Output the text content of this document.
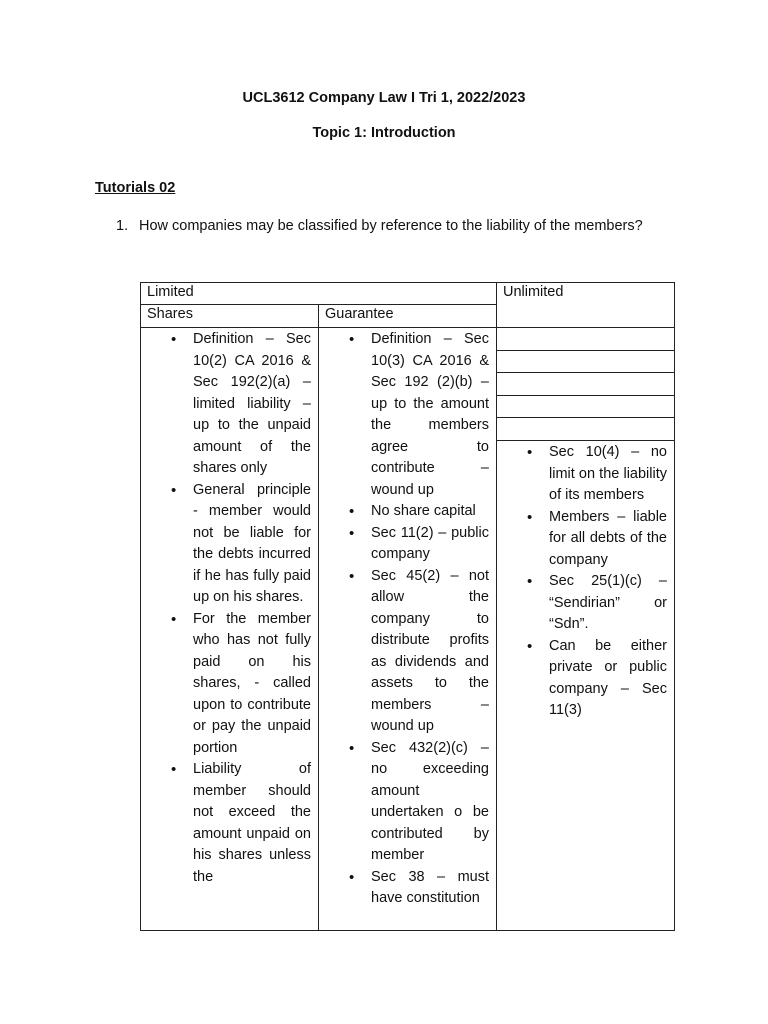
UCL3612 Company Law I Tri 1, 2022/2023

Topic 1: Introduction

Tutorials 02
1. How companies may be classified by reference to the liability of the members?
Limited	Unlimited
Shares	Guarantee
• Definition – Sec 10(2) CA 2016 & Sec 192(2)(a) – limited liability – up to the unpaid amount of the shares only
• General principle - member would not be liable for the debts incurred if he has fully paid up on his shares.
• For the member who has not fully paid on his shares, - called upon to contribute or pay the unpaid portion
• Liability of member should not exceed the amount unpaid on his shares unless the
• Definition – Sec 10(3) CA 2016 & Sec 192 (2)(b) – up to the amount the members agree to contribute – wound up
• No share capital
• Sec 11(2) – public company
• Sec 45(2) – not allow the company to distribute profits as dividends and assets to the members – wound up
• Sec 432(2)(c) – no exceeding amount undertaken o be contributed by member
• Sec 38 – must have constitution
• Sec 10(4) – no limit on the liability of its members
• Members – liable for all debts of the company
• Sec 25(1)(c) – “Sendirian” or “Sdn”.
• Can be either private or public company – Sec 11(3)
